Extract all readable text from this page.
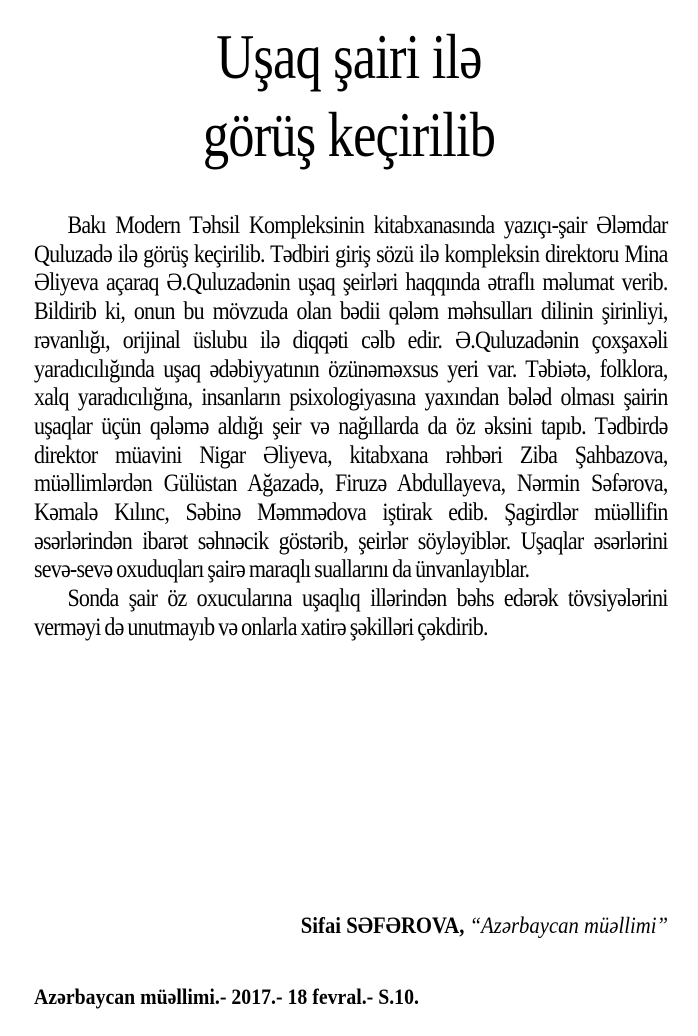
Uşaq şairi ilə
görüş keçirilib

Bakı Modern Təhsil Kompleksinin kitabxanasında yazıçı-şair Ələmdar Quluzadə ilə görüş keçirilib. Tədbiri giriş sözü ilə kompleksin direktoru Mina Əliyeva açaraq Ə.Quluzadənin uşaq şeirləri haqqında ətraflı məlumat verib. Bildirib ki, onun bu mövzuda olan bədii qələm məhsulları dilinin şirinliyi, rəvanlığı, orijinal üslubu ilə diqqəti cəlb edir. Ə.Quluzadənin çoxşaxəli yaradıcılığında uşaq ədəbiyyatının özünəməxsus yeri var. Təbiətə, folklora, xalq yaradıcılığına, insanların psixologiyasına yaxından bələd olması şairin uşaqlar üçün qələmə aldığı şeir və nağıllarda da öz əksini tapıb. Tədbirdə direktor müavini Nigar Əliyeva, kitabxana rəhbəri Ziba Şahbazova, müəllimlərdən Gülüstan Ağazadə, Firuzə Abdullayeva, Nərmin Səfərova, Kəmalə Kılınc, Səbinə Məmmədova iştirak edib. Şagirdlər müəllifin əsərlərindən ibarət səhnəcik göstərib, şeirlər söyləyiblər. Uşaqlar əsərlərini sevə-sevə oxuduqları şairə maraqlı suallarını da ünvanlayıblar.

Sonda şair öz oxucularına uşaqlıq illərindən bəhs edərək tövsiyələrini verməyi də unutmayıb və onlarla xatirə şəkilləri çəkdirib.

Sifai SƏFƏROVA, “Azərbaycan müəllimi”
Azərbaycan müəllimi.- 2017.- 18 fevral.- S.10.
